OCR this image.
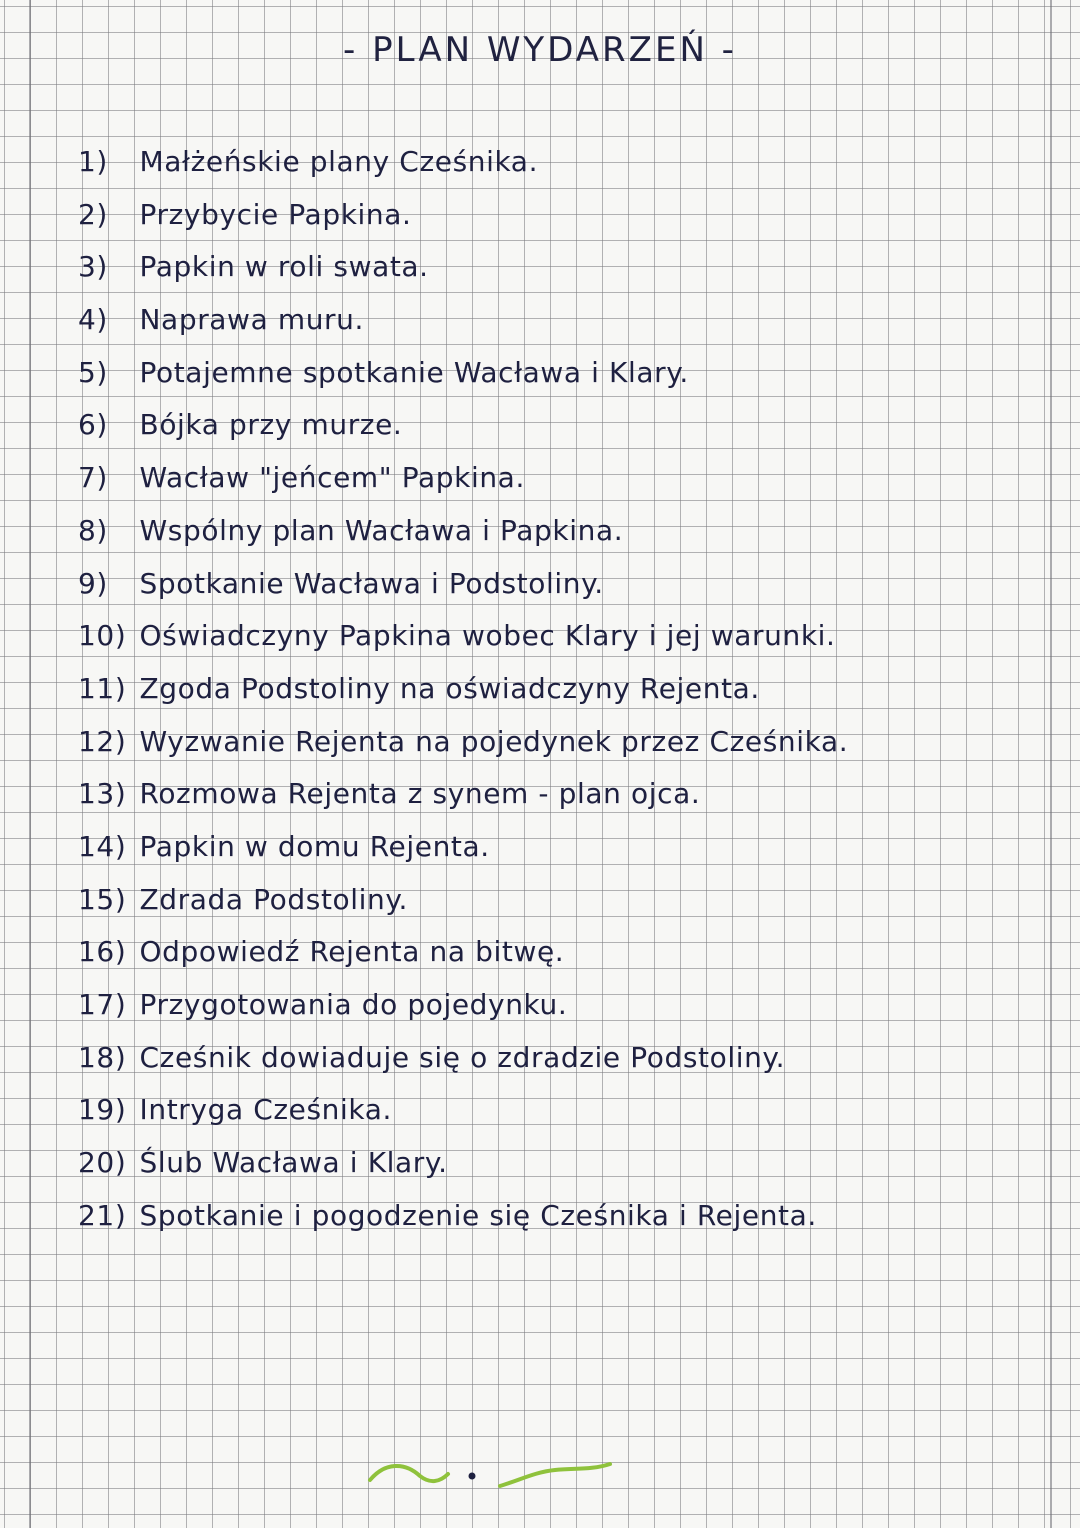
- PLAN WYDARZEŃ -
1) Małżeńskie plany Cześnika.
2) Przybycie Papkina.
3) Papkin w roli swata.
4) Naprawa muru.
5) Potajemne spotkanie Wacława i Klary.
6) Bójka przy murze.
7) Wacław "jeńcem" Papkina.
8) Wspólny plan Wacława i Papkina.
9) Spotkanie Wacława i Podstoliny.
10) Oświadczyny Papkina wobec Klary i jej warunki.
11) Zgoda Podstoliny na oświadczyny Rejenta.
12) Wyzwanie Rejenta na pojedynek przez Cześnika.
13) Rozmowa Rejenta z synem - plan ojca.
14) Papkin w domu Rejenta.
15) Zdrada Podstoliny.
16) Odpowiedź Rejenta na bitwę.
17) Przygotowania do pojedynku.
18) Cześnik dowiaduje się o zdradzie Podstoliny.
19) Intryga Cześnika.
20) Ślub Wacława i Klary.
21) Spotkanie i pogodzenie się Cześnika i Rejenta.
